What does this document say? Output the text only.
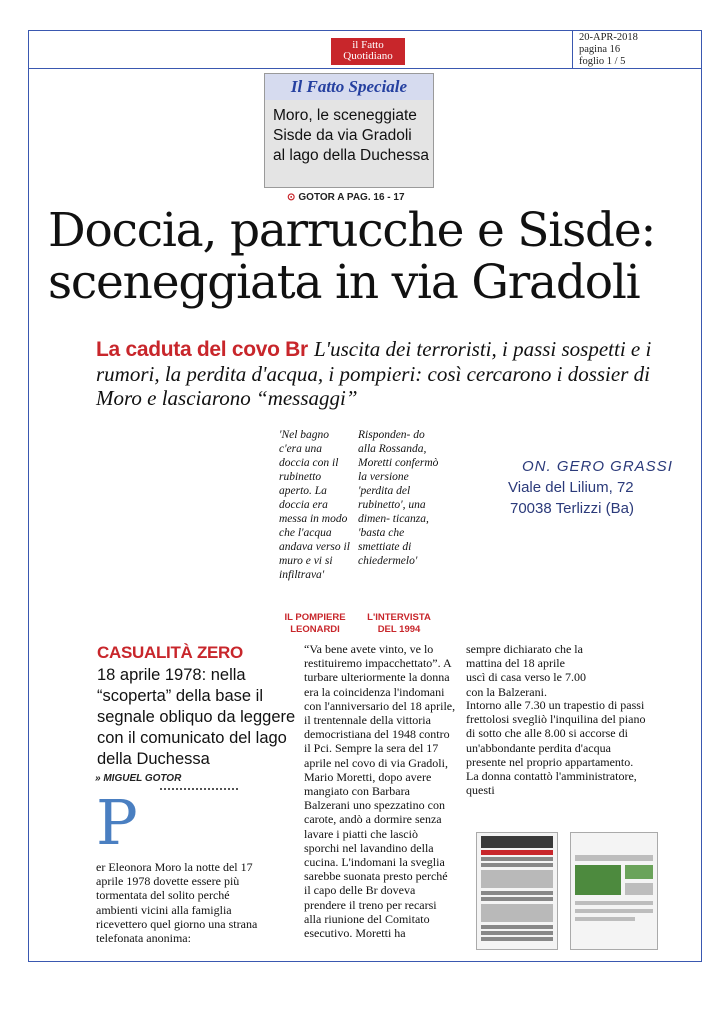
20-APR-2018
pagina 16
foglio 1 / 5
il Fatto
Quotidiano
Il Fatto Speciale
Moro, le sceneggiate
Sisde da via Gradoli
al lago della Duchessa
⊙ GOTOR A PAG. 16 - 17
Doccia, parrucche e Sisde:
sceneggiata in via Gradoli
La caduta del covo Br L'uscita dei terroristi, i passi sospetti e i rumori, la perdita d'acqua, i pompieri: così cercarono i dossier di Moro e lasciarono “messaggi”
'Nel bagno c'era una doccia con il rubinetto aperto. La doccia era messa in modo che l'acqua andava verso il muro e vi si infiltrava'
IL POMPIERE
LEONARDI
Risponden- do alla Rossanda, Moretti confermò la versione 'perdita del rubinetto', una dimen- ticanza, 'basta che smettiate di chiedermelo'
L'INTERVISTA
DEL 1994
ON. GERO GRASSI
Viale del Lilium, 72
70038 Terlizzi (Ba)
CASUALITÀ ZERO
18 aprile 1978: nella “scoperta” della base il segnale obliquo da leggere con il comunicato del lago della Duchessa
» MIGUEL GOTOR
P
er Eleonora Moro la notte del 17 aprile 1978 dovette essere più tormentata del solito perché ambienti vicini alla famiglia ricevettero quel giorno una strana telefonata anonima:
“Va bene avete vinto, ve lo restituiremo impacchettato”. A turbare ulteriormente la donna era la coincidenza l'indomani con l'anniversario del 18 aprile, il trentennale della vittoria democristiana del 1948 contro il Pci. Sempre la sera del 17 aprile nel covo di via Gradoli, Mario Moretti, dopo avere mangiato con Barbara Balzerani uno spezzatino con carote, andò a dormire senza lavare i piatti che lasciò sporchi nel lavandino della cucina. L'indomani la sveglia sarebbe suonata presto perché il capo delle Br doveva prendere il treno per recarsi alla riunione del Comitato esecutivo. Moretti ha
sempre dichiarato che la mattina del 18 aprile uscì di casa verso le 7.00 con la Balzerani.
Intorno alle 7.30 un trapestio di passi frettolosi svegliò l'inquilina del piano di sotto che alle 8.00 si accorse di un'abbondante perdita d'acqua presente nel proprio appartamento. La donna contattò l'amministratore, questi
